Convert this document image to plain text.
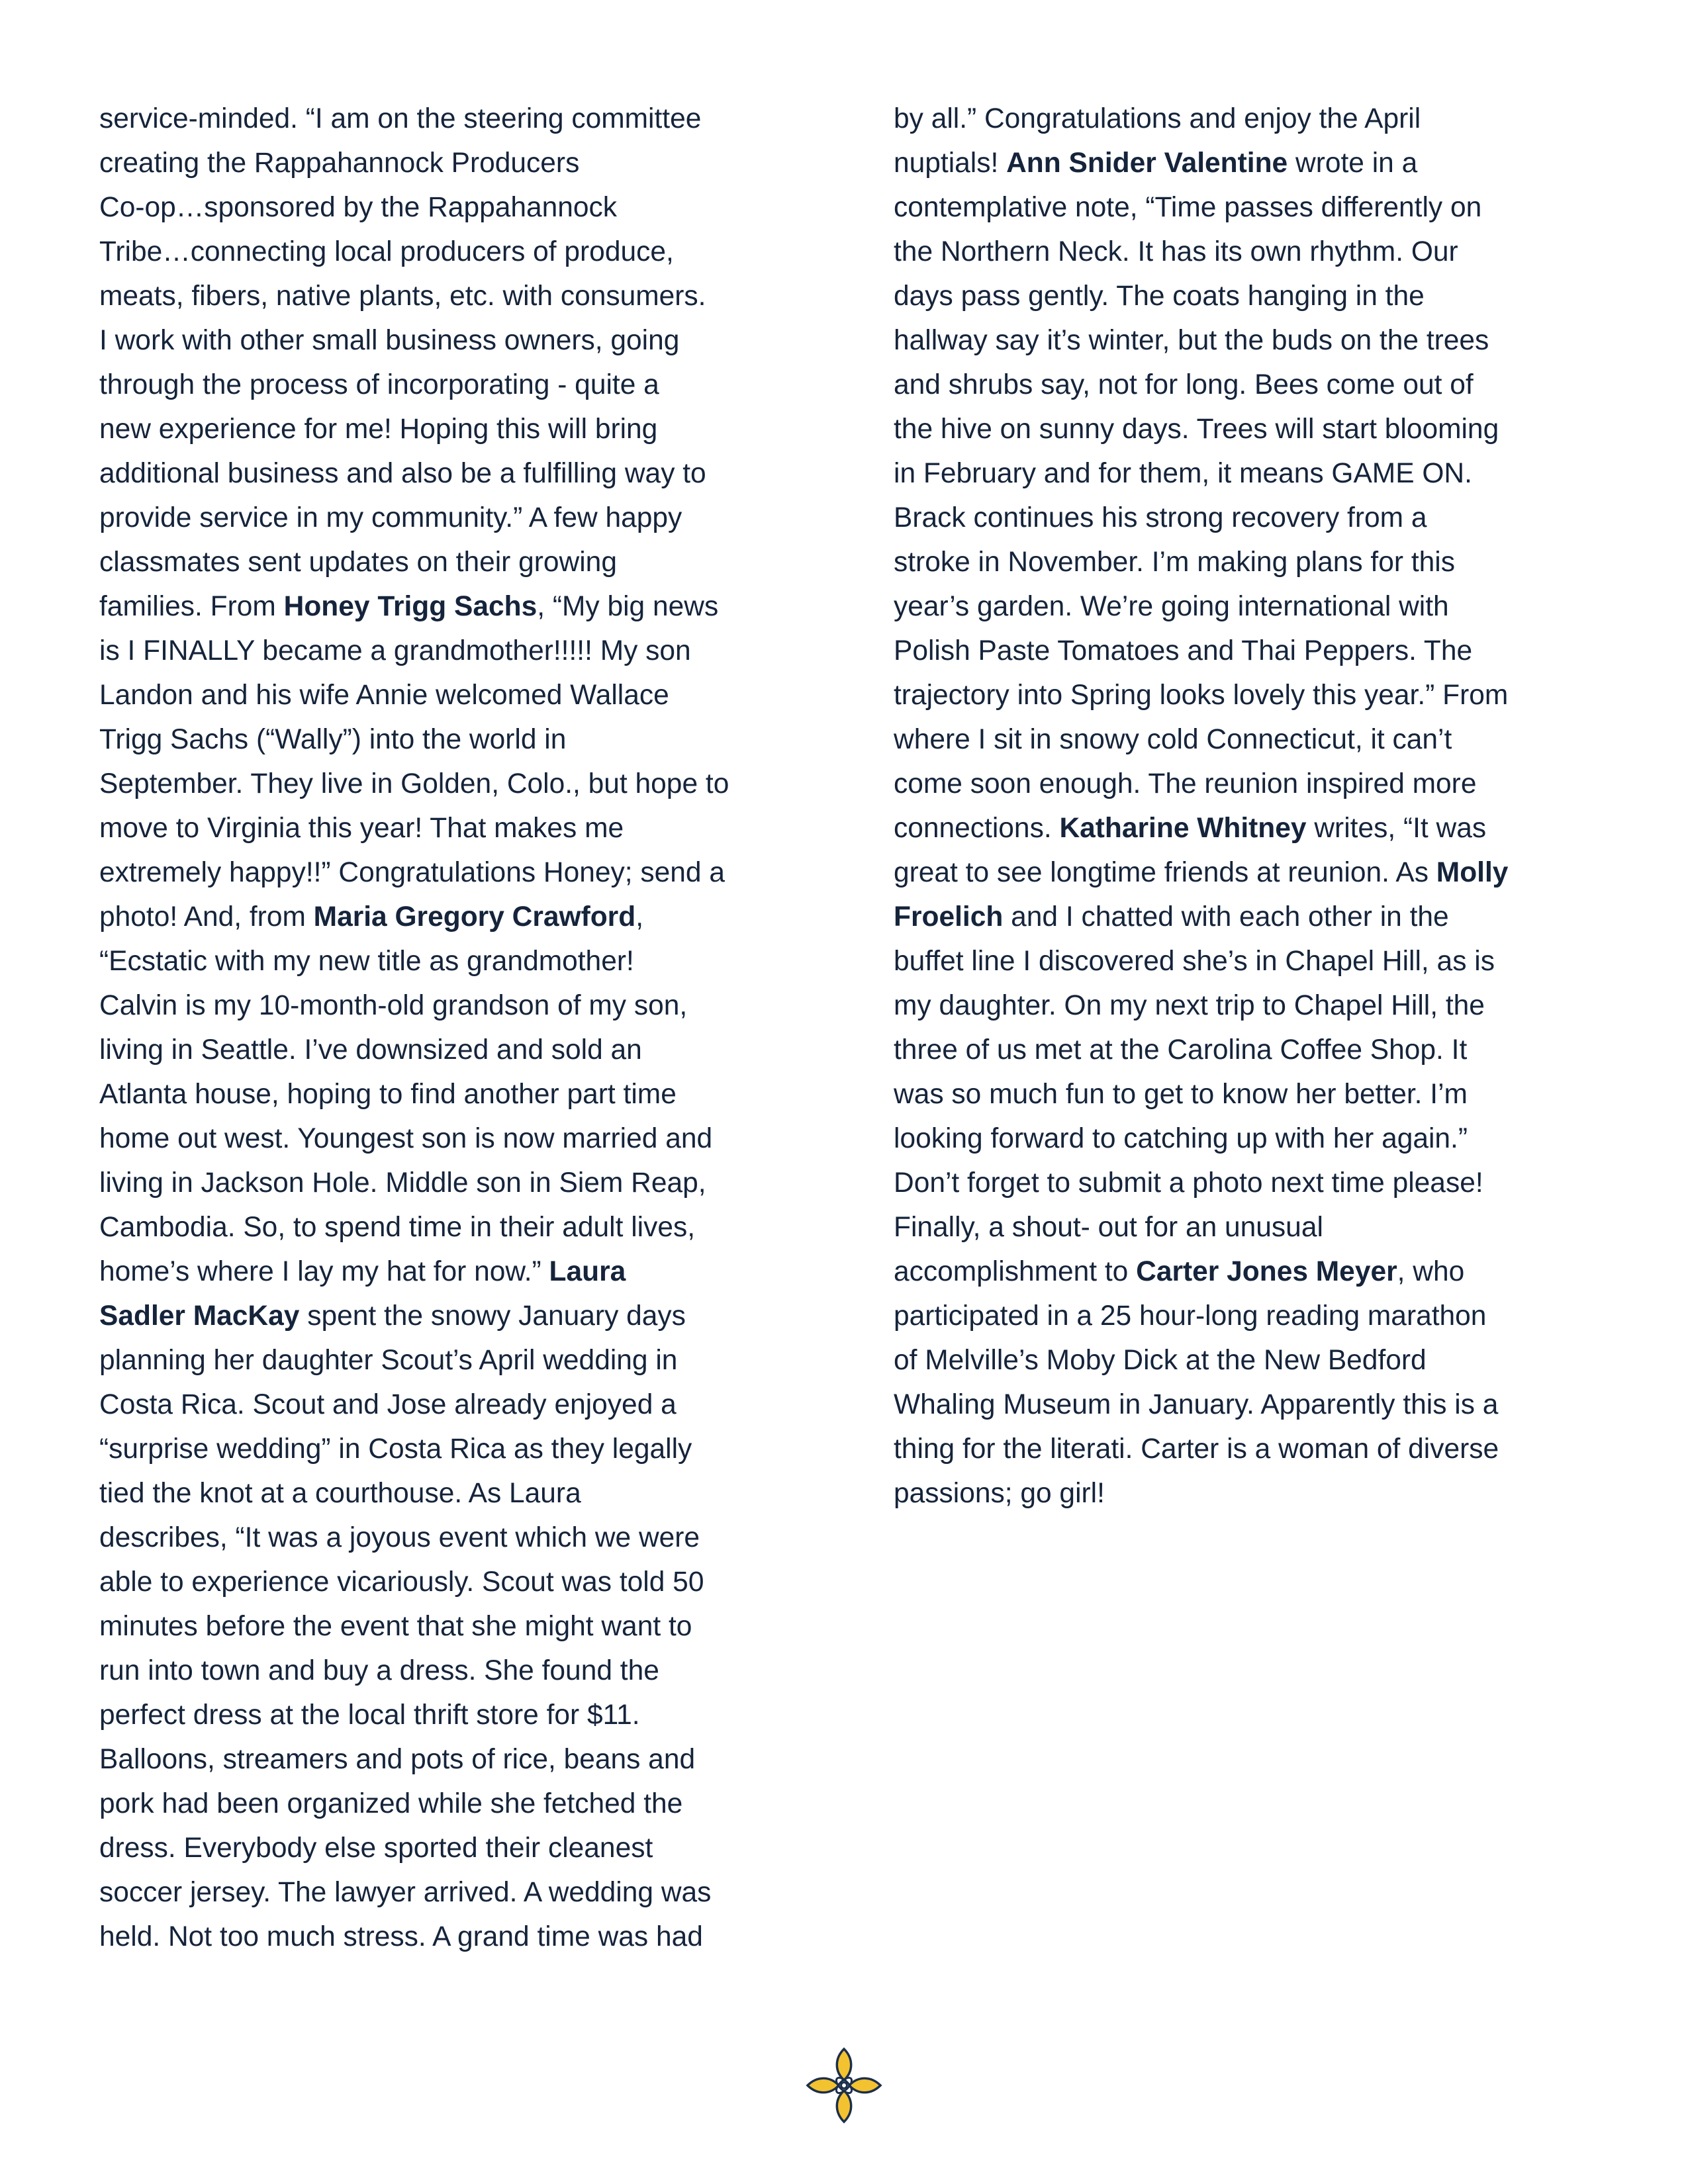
service-minded. “I am on the steering committee
creating the Rappahannock Producers
Co-op…sponsored by the Rappahannock
Tribe…connecting local producers of produce,
meats, fibers, native plants, etc. with consumers.
I work with other small business owners, going
through the process of incorporating - quite a
new experience for me! Hoping this will bring
additional business and also be a fulfilling way to
provide service in my community.” A few happy
classmates sent updates on their growing
families. From Honey Trigg Sachs, “My big news
is I FINALLY became a grandmother!!!!! My son
Landon and his wife Annie welcomed Wallace
Trigg Sachs (“Wally”) into the world in
September. They live in Golden, Colo., but hope to
move to Virginia this year! That makes me
extremely happy!!” Congratulations Honey; send a
photo! And, from Maria Gregory Crawford,
“Ecstatic with my new title as grandmother!
Calvin is my 10-month-old grandson of my son,
living in Seattle. I’ve downsized and sold an
Atlanta house, hoping to find another part time
home out west. Youngest son is now married and
living in Jackson Hole. Middle son in Siem Reap,
Cambodia. So, to spend time in their adult lives,
home’s where I lay my hat for now.” Laura
Sadler MacKay spent the snowy January days
planning her daughter Scout’s April wedding in
Costa Rica. Scout and Jose already enjoyed a
“surprise wedding” in Costa Rica as they legally
tied the knot at a courthouse. As Laura
describes, “It was a joyous event which we were
able to experience vicariously. Scout was told 50
minutes before the event that she might want to
run into town and buy a dress. She found the
perfect dress at the local thrift store for $11.
Balloons, streamers and pots of rice, beans and
pork had been organized while she fetched the
dress. Everybody else sported their cleanest
soccer jersey. The lawyer arrived. A wedding was
held. Not too much stress. A grand time was had
by all.” Congratulations and enjoy the April
nuptials! Ann Snider Valentine wrote in a
contemplative note, “Time passes differently on
the Northern Neck. It has its own rhythm. Our
days pass gently. The coats hanging in the
hallway say it’s winter, but the buds on the trees
and shrubs say, not for long. Bees come out of
the hive on sunny days. Trees will start blooming
in February and for them, it means GAME ON.
Brack continues his strong recovery from a
stroke in November. I’m making plans for this
year’s garden. We’re going international with
Polish Paste Tomatoes and Thai Peppers. The
trajectory into Spring looks lovely this year.” From
where I sit in snowy cold Connecticut, it can’t
come soon enough. The reunion inspired more
connections. Katharine Whitney writes, “It was
great to see longtime friends at reunion. As Molly
Froelich and I chatted with each other in the
buffet line I discovered she’s in Chapel Hill, as is
my daughter. On my next trip to Chapel Hill, the
three of us met at the Carolina Coffee Shop. It
was so much fun to get to know her better. I’m
looking forward to catching up with her again.”
Don’t forget to submit a photo next time please!
Finally, a shout- out for an unusual
accomplishment to Carter Jones Meyer, who
participated in a 25 hour-long reading marathon
of Melville’s Moby Dick at the New Bedford
Whaling Museum in January. Apparently this is a
thing for the literati. Carter is a woman of diverse
passions; go girl!
